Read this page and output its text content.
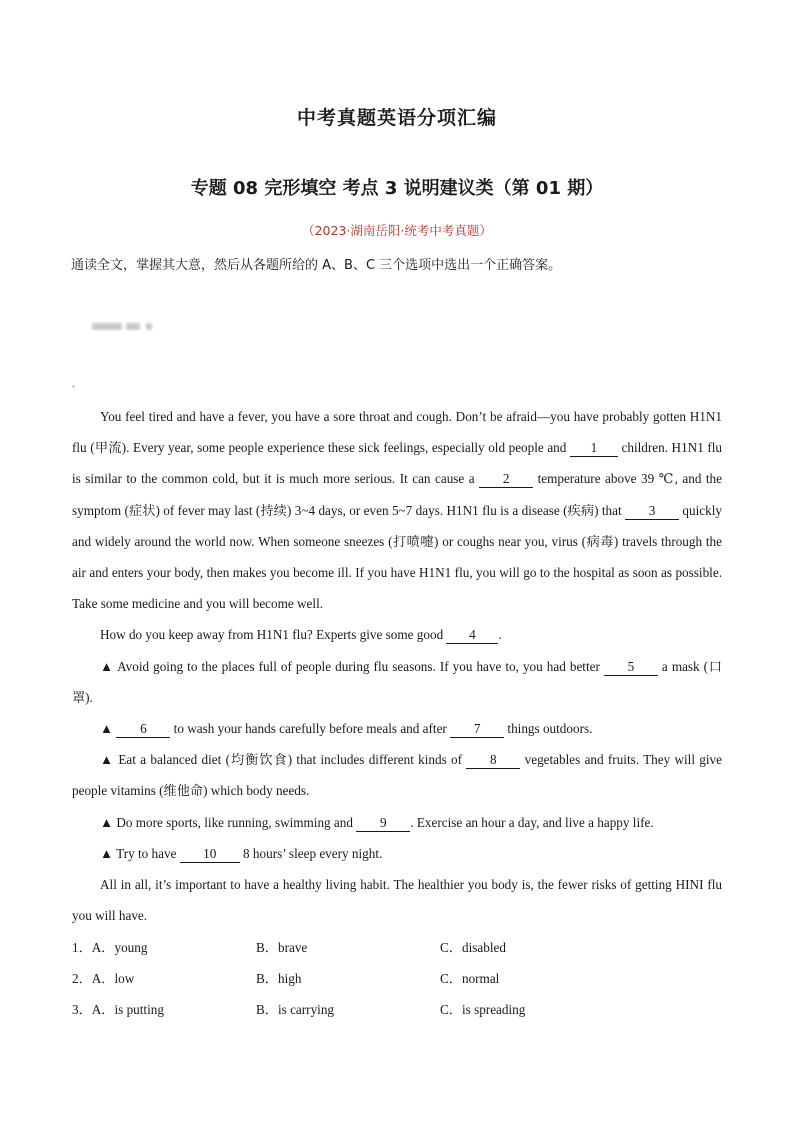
中考真题英语分项汇编
专题 08 完形填空 考点 3 说明建议类（第 01 期）
（2023·湖南岳阳·统考中考真题）
通读全文，掌握其大意，然后从各题所给的 A、B、C 三个选项中选出一个正确答案。

You feel tired and have a fever, you have a sore throat and cough. Don’t be afraid—you have probably gotten H1N1 flu (甲流). Every year, some people experience these sick feelings, especially old people and 1 children. H1N1 flu is similar to the common cold, but it is much more serious. It can cause a 2 temperature above 39 ℃, and the symptom (症状) of fever may last (持续) 3~4 days, or even 5~7 days. H1N1 flu is a disease (疾病) that 3 quickly and widely around the world now. When someone sneezes (打喷嚏) or coughs near you, virus (病毒) travels through the air and enters your body, then makes you become ill. If you have H1N1 flu, you will go to the hospital as soon as possible. Take some medicine and you will become well.

How do you keep away from H1N1 flu? Experts give some good 4 .

▲ Avoid going to the places full of people during flu seasons. If you have to, you had better 5 a mask (口罩).

▲ 6 to wash your hands carefully before meals and after 7 things outdoors.

▲ Eat a balanced diet (均衡饮食) that includes different kinds of 8 vegetables and fruits. They will give people vitamins (维他命) which body needs.

▲ Do more sports, like running, swimming and 9 . Exercise an hour a day, and live a happy life.

▲ Try to have 10 8 hours’ sleep every night.

All in all, it’s important to have a healthy living habit. The healthier you body is, the fewer risks of getting HINI flu you will have.

1．A．young	B．brave	C．disabled
2．A．low	B．high	C．normal
3．A．is putting	B．is carrying	C．is spreading
